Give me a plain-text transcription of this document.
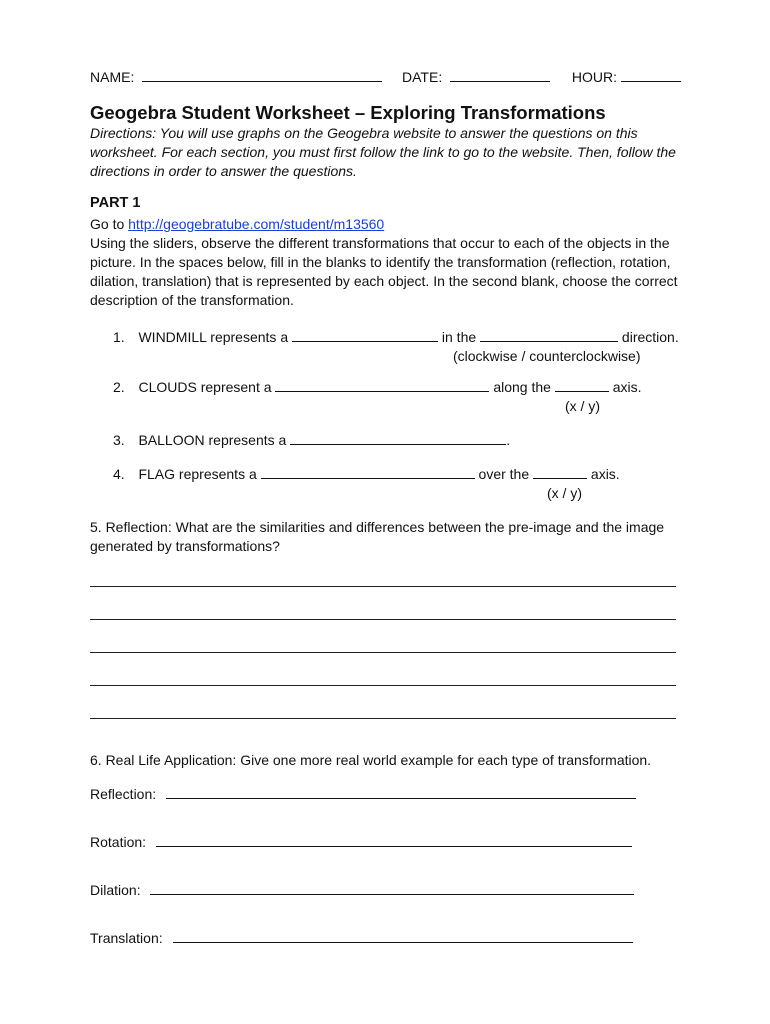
NAME:	DATE:	HOUR:
Geogebra Student Worksheet – Exploring Transformations
Directions: You will use graphs on the Geogebra website to answer the questions on this worksheet. For each section, you must first follow the link to go to the website. Then, follow the directions in order to answer the questions.
PART 1
Go to http://geogebratube.com/student/m13560
Using the sliders, observe the different transformations that occur to each of the objects in the picture. In the spaces below, fill in the blanks to identify the transformation (reflection, rotation, dilation, translation) that is represented by each object. In the second blank, choose the correct description of the transformation.
1. WINDMILL represents a	in the	direction.
(clockwise / counterclockwise)
2. CLOUDS represent a	along the	axis.
(x / y)
3. BALLOON represents a	.
4. FLAG represents a	over the	axis.
(x / y)
5. Reflection: What are the similarities and differences between the pre-image and the image generated by transformations?
6. Real Life Application: Give one more real world example for each type of transformation.
Reflection:
Rotation:
Dilation:
Translation:
